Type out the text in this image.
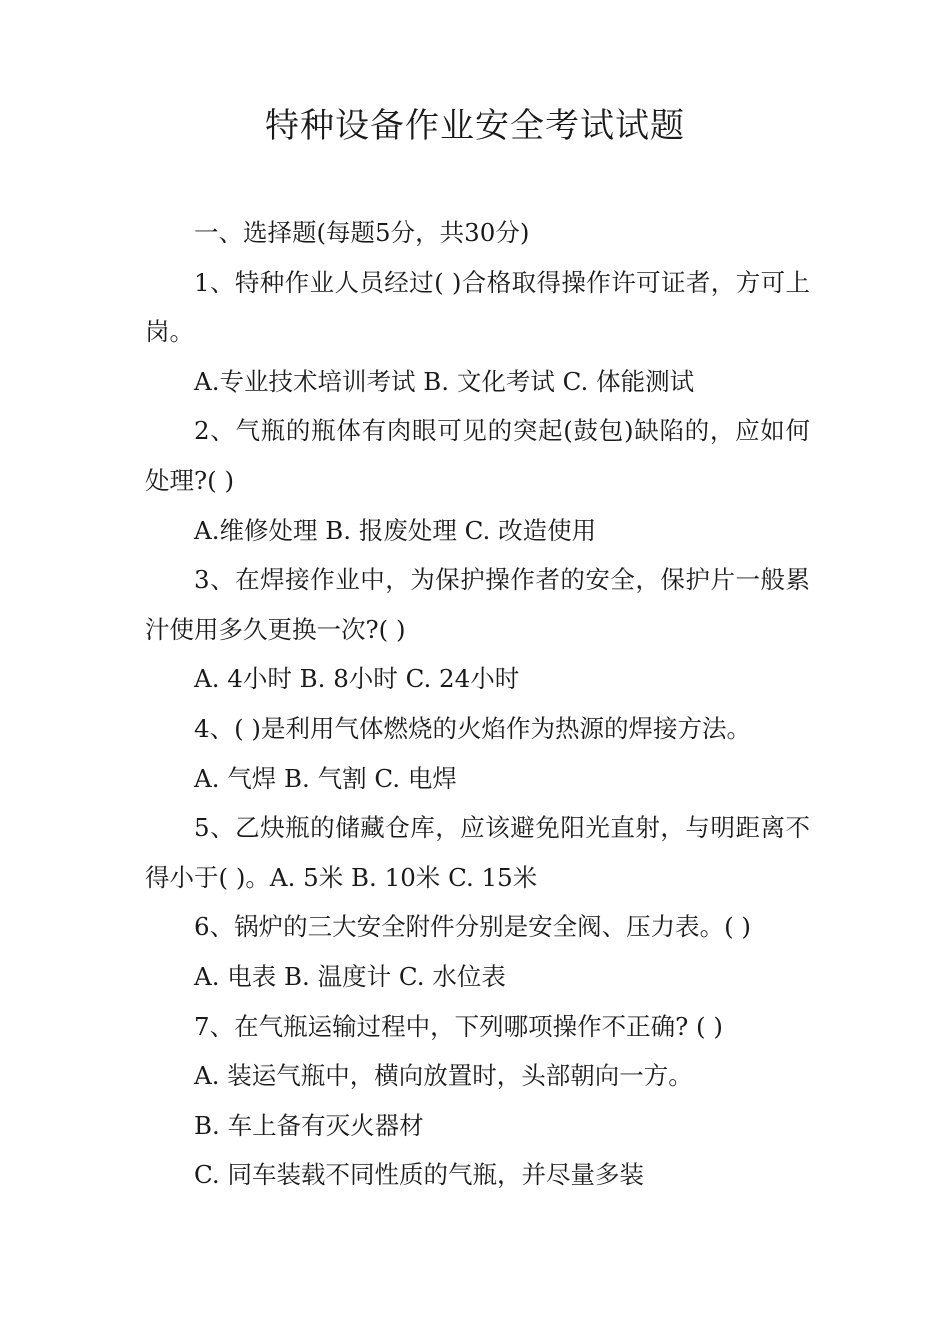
特种设备作业安全考试试题

一、选择题(每题5分，共30分)

1、特种作业人员经过( )合格取得操作许可证者，方可上岗。

A.专业技术培训考试 B. 文化考试 C. 体能测试

2、气瓶的瓶体有肉眼可见的突起(鼓包)缺陷的，应如何处理?( )

A.维修处理 B. 报废处理 C. 改造使用

3、在焊接作业中，为保护操作者的安全，保护片一般累汁使用多久更换一次?( )

A. 4小时 B. 8小时 C. 24小时

4、( )是利用气体燃烧的火焰作为热源的焊接方法。

A. 气焊 B. 气割 C. 电焊

5、乙炔瓶的储藏仓库，应该避免阳光直射，与明距离不得小于( )。A. 5米 B. 10米 C. 15米

6、锅炉的三大安全附件分别是安全阀、压力表。( )

A. 电表 B. 温度计 C. 水位表

7、在气瓶运输过程中，下列哪项操作不正确? ( )

A. 装运气瓶中，横向放置时，头部朝向一方。

B. 车上备有灭火器材

C. 同车装载不同性质的气瓶，并尽量多装
